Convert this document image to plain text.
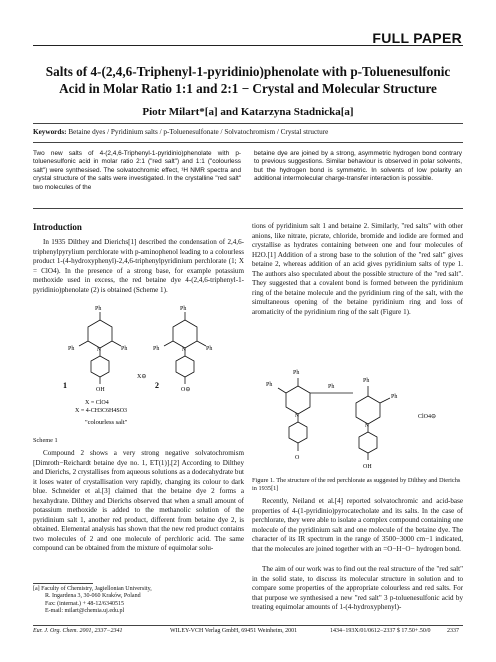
FULL PAPER
Salts of 4-(2,4,6-Triphenyl-1-pyridinio)phenolate with p-Toluenesulfonic Acid in Molar Ratio 1:1 and 2:1 − Crystal and Molecular Structure
Piotr Milart*[a] and Katarzyna Stadnicka[a]
Keywords: Betaine dyes / Pyridinium salts / p-Toluenesulfonate / Solvatochromism / Crystal structure
Two new salts of 4-(2,4,6-Triphenyl-1-pyridinio)phenolate with p-toluenesulfonic acid in molar ratio 2:1 ("red salt") and 1:1 ("colourless salt") were synthesised. The solvatochromic effect, ¹H NMR spectra and crystal structure of the salts were investigated. In the crystalline "red salt" two molecules of the
betaine dye are joined by a strong, asymmetric hydrogen bond contrary to previous suggestions. Similar behaviour is observed in polar solvents, but the hydrogen bond is symmetric. In solvents of low polarity an additional intermolecular charge-transfer interaction is possible.
Introduction

In 1935 Dilthey and Dierichs[1] described the condensation of 2,4,6-triphenylpyrylium perchlorate with p-aminophenol leading to a colourless product 1-(4-hydroxyphenyl)-2,4,6-triphenylpyridinium perchlorate (1; X = ClO4). In the presence of a strong base, for example potassium methoxide used in excess, the red betaine dye 4-(2,4,6-triphenyl-1-pyridinio)phenolate (2) is obtained (Scheme 1).

Ph
Ph	Ph
N
OH
Ph
Ph	Ph
N
O⊖
1
X⊖
2
X = ClO4
X = 4-CH3C6H4SO3
"colourless salt"
Scheme 1

Compound 2 shows a very strong negative solvatochromism [Dimroth−Reichardt betaine dye no. 1, ET(1)].[2] According to Dilthey and Dierichs, 2 crystallises from aqueous solutions as a dodecahydrate but it loses water of crystallisation very rapidly, changing its colour to dark blue. Schneider et al.[3] claimed that the betaine dye 2 forms a hexahydrate. Dilthey and Dierichs observed that when a small amount of potassium methoxide is added to the methanolic solution of the pyridinium salt 1, another red product, different from betaine dye 2, is obtained. Elemental analysis has shown that the new red product contains two molecules of 2 and one molecule of perchloric acid. The same compound can be obtained from the mixture of equimolar solu-

[a] Faculty of Chemistry, Jagiellonian University,
R. Ingardena 3, 30-060 Kraków, Poland
Fax: (internat.) + 48-12/6340515
E-mail: milart@chemia.uj.edu.pl

tions of pyridinium salt 1 and betaine 2. Similarly, "red salts" with other anions, like nitrate, picrate, chloride, bromide and iodide are formed and crystallise as hydrates containing between one and four molecules of H2O.[1] Addition of a strong base to the solution of the "red salt" gives betaine 2, whereas addition of an acid gives pyridinium salts of type 1. The authors also speculated about the possible structure of the "red salt". They suggested that a covalent bond is formed between the pyridinium ring of the betaine molecule and the pyridinium ring of the salt, with the simultaneous opening of the betaine pyridinium ring and loss of aromaticity of the pyridinium ring of the salt (Figure 1).

Ph
Ph	Ph
Ph
Ph
N
N
O
OH
ClO4⊖
Figure 1. The structure of the red perchlorate as suggested by Dilthey and Dierichs in 1935[1]

Recently, Neiland et al.[4] reported solvatochromic and acid-base properties of 4-(1-pyridinio)pyrocatecholate and its salts. In the case of perchlorate, they were able to isolate a complex compound containing one molecule of the pyridinium salt and one molecule of the betaine dye. The character of its IR spectrum in the range of 3500−3000 cm−1 indicated, that the molecules are joined together with an =O−H−O− hydrogen bond.

The aim of our work was to find out the real structure of the "red salt" in the solid state, to discuss its molecular structure in solution and to compare some properties of the appropriate colourless and red salts. For that purpose we synthesised a new "red salt" 3 p-toluenesulfonic acid by treating equimolar amounts of 1-(4-hydroxyphenyl)-

Eur. J. Org. Chem. 2001, 2337−2341	WILEY-VCH Verlag GmbH, 69451 Weinheim, 2001	1434−193X/01/0612−2337 $ 17.50+.50/0	2337
